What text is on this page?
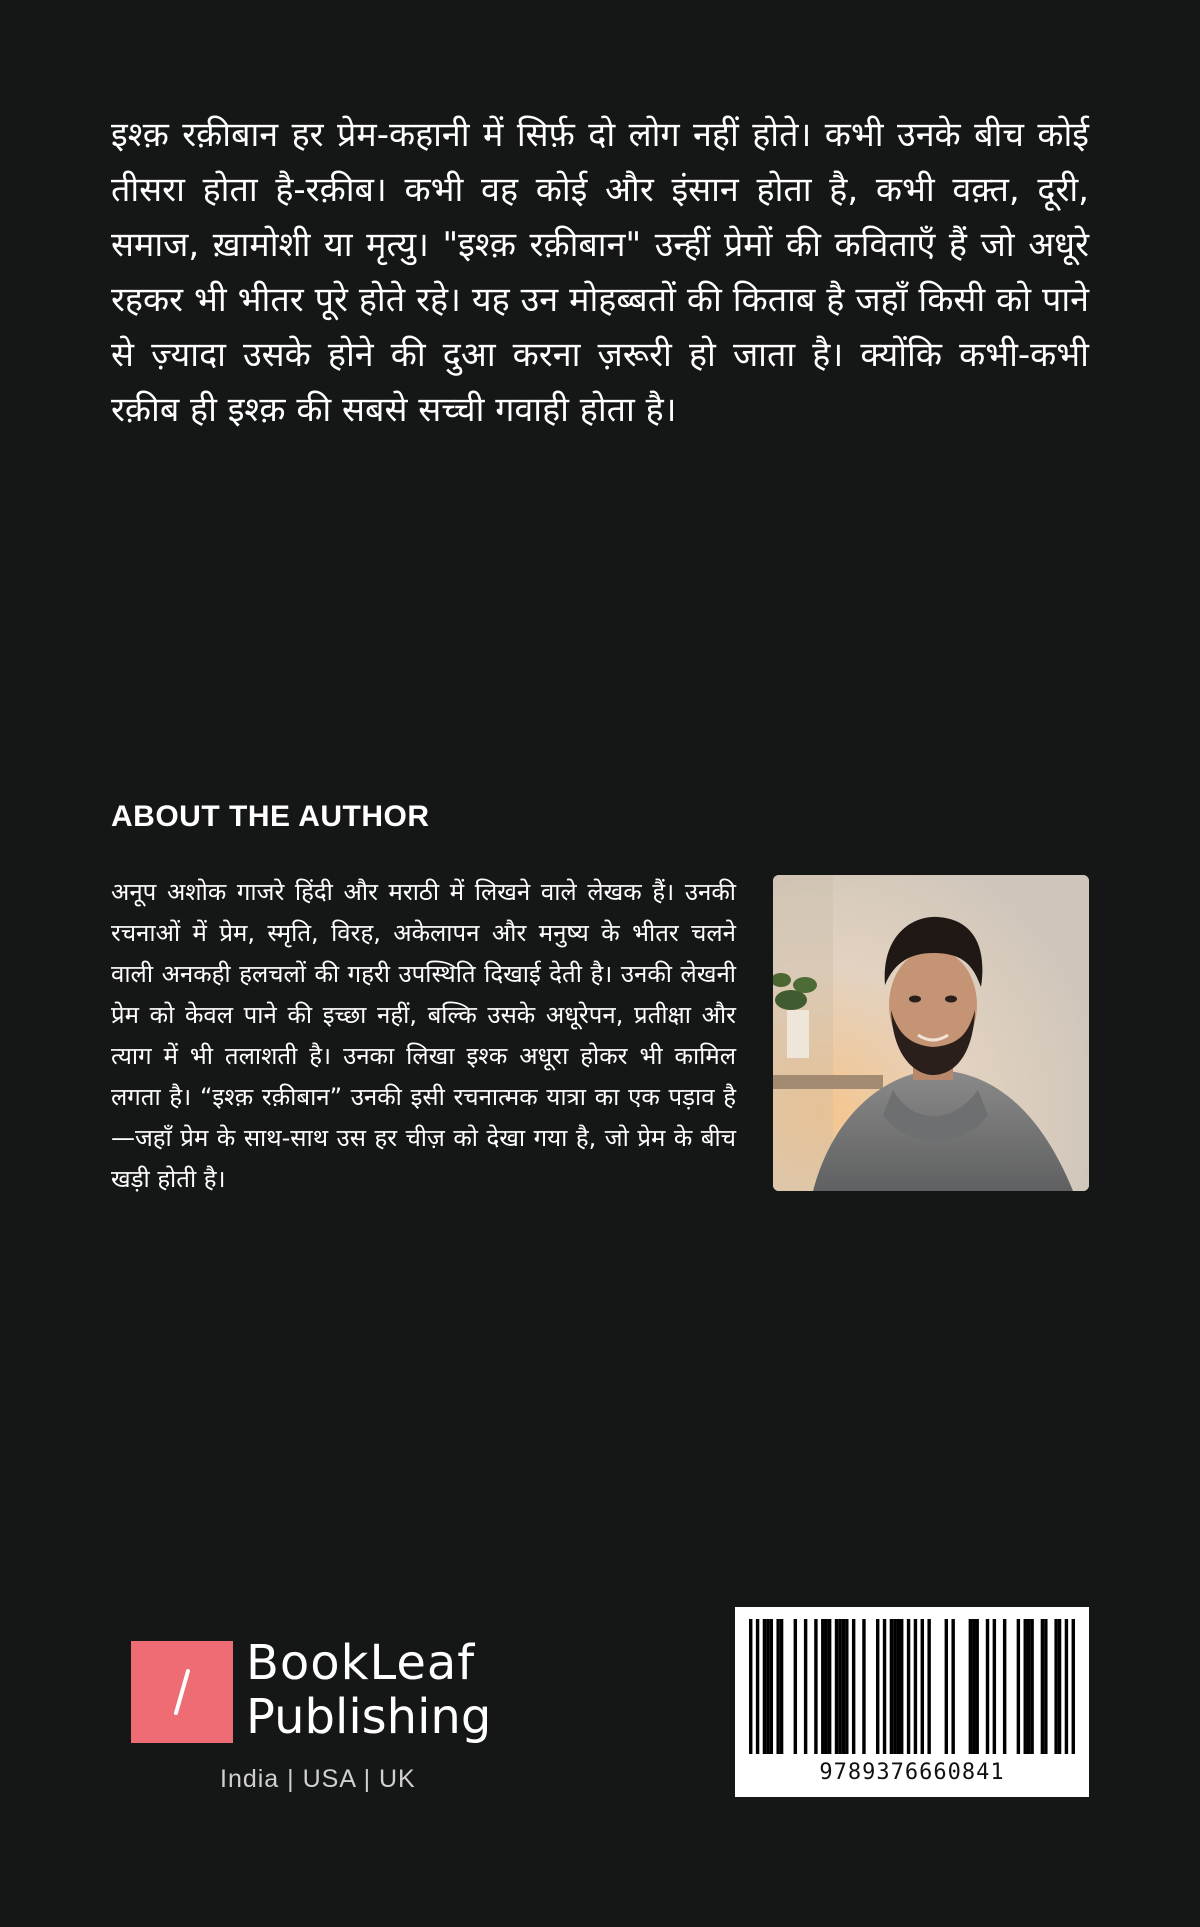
इश्क़ रक़ीबान हर प्रेम-कहानी में सिर्फ़ दो लोग नहीं होते। कभी उनके बीच कोई तीसरा होता है-रक़ीब। कभी वह कोई और इंसान होता है, कभी वक़्त, दूरी, समाज, ख़ामोशी या मृत्यु। "इश्क़ रक़ीबान" उन्हीं प्रेमों की कविताएँ हैं जो अधूरे रहकर भी भीतर पूरे होते रहे। यह उन मोहब्बतों की किताब है जहाँ किसी को पाने से ज़्यादा उसके होने की दुआ करना ज़रूरी हो जाता है। क्योंकि कभी-कभी रक़ीब ही इश्क़ की सबसे सच्ची गवाही होता है।

ABOUT THE AUTHOR

अनूप अशोक गाजरे हिंदी और मराठी में लिखने वाले लेखक हैं। उनकी रचनाओं में प्रेम, स्मृति, विरह, अकेलापन और मनुष्य के भीतर चलने वाली अनकही हलचलों की गहरी उपस्थिति दिखाई देती है। उनकी लेखनी प्रेम को केवल पाने की इच्छा नहीं, बल्कि उसके अधूरेपन, प्रतीक्षा और त्याग में भी तलाशती है। उनका लिखा इश्क अधूरा होकर भी कामिल लगता है। “इश्क़ रक़ीबान” उनकी इसी रचनात्मक यात्रा का एक पड़ाव है—जहाँ प्रेम के साथ-साथ उस हर चीज़ को देखा गया है, जो प्रेम के बीच खड़ी होती है।

BookLeaf
Publishing
India | USA | UK	9789376660841
